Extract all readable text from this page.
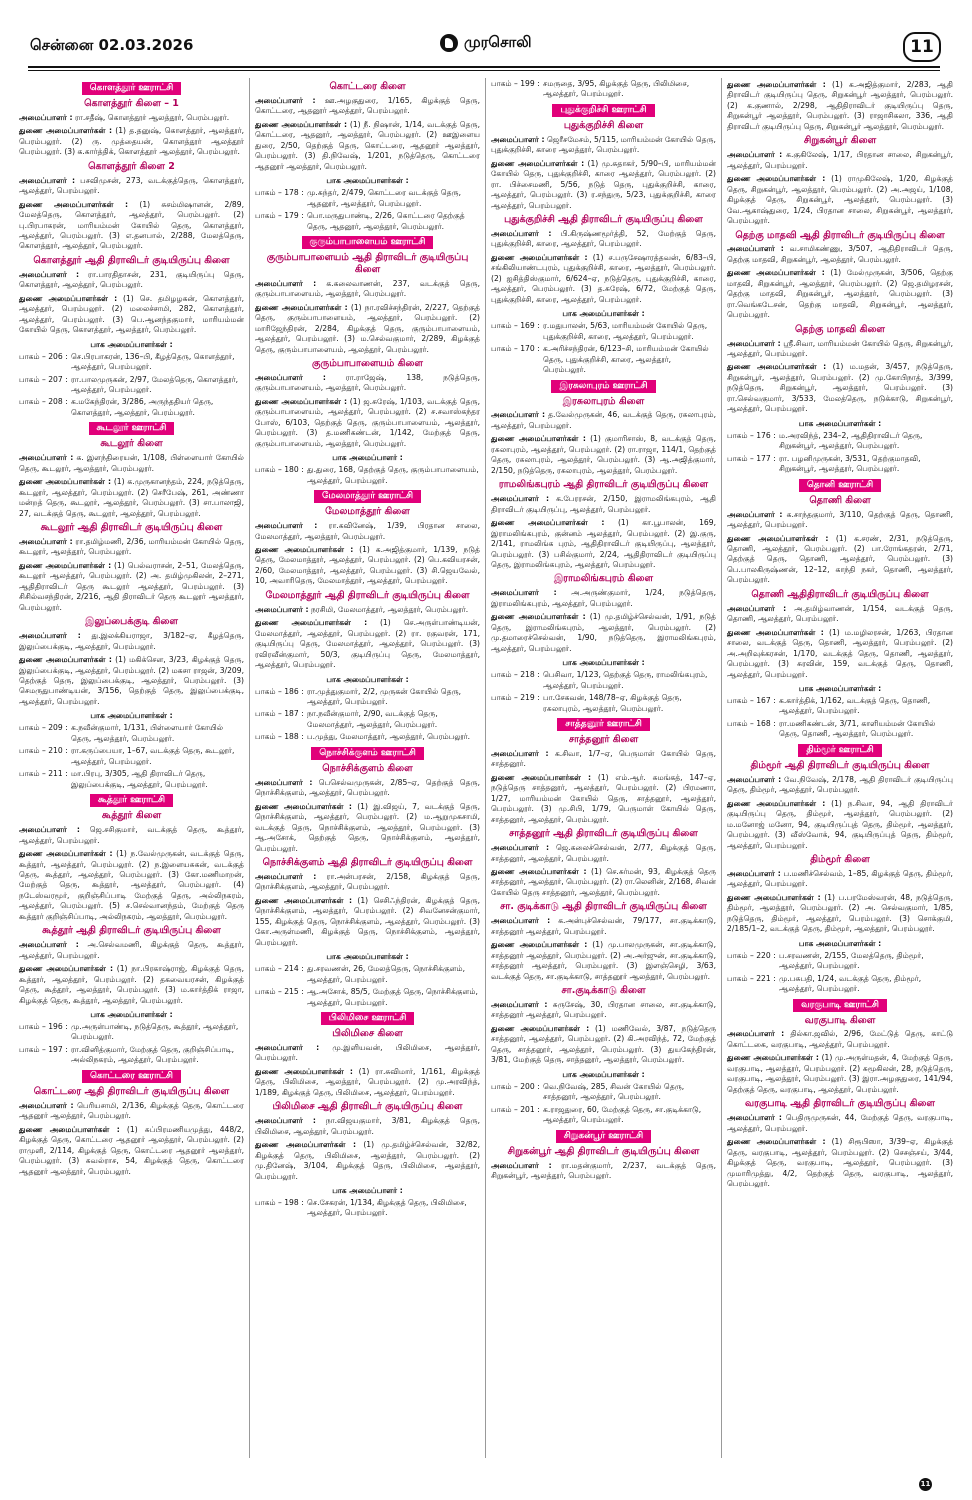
சென்னை 02.03.2026	முரசொலி	11
கொளத்தூர் ஊராட்சி
கொளத்தூர் கிளை – 1
அமைப்பாளர் : ரா.சதீஷ், கொளத்தூர் ஆலத்தூர், பெரம்பலூர்.
துணை அமைப்பாளர்கள் : (1) த.தனுஷ், கொளத்தூர், ஆலத்தூர், பெரம்பலூர். (2) ரு. முத்தையன், கொளத்தூர் ஆலத்தூர் பெரம்பலூர். (3) க.கார்த்திக், கொளத்தூர் ஆலத்தூர், பெரம்பலூர்.
கொளத்தூர் கிளை 2
அமைப்பாளர் : பசவிமுசன், 273, வடக்குத்தெரு, கொளத்தூர், ஆலத்தூர், பெரம்பலூர்.
துணை அமைப்பாளர்கள் : (1) சுசம்மிஷாளன், 2/89, மேலத்தெரு, கொளத்தூர், ஆலத்தூர், பெரம்பலூர். (2) பு.பிரபாகரன், மாரியம்மன் கோயில் தெரு, கொளத்தூர், ஆலத்தூர், பெரம்பலூர். (3) எ.தனபால், 2/288, மேலத்தெரு, கொளத்தூர், ஆலத்தூர், பெரம்பலூர்.
கொளத்தூர் ஆதி திராவிடர் குடியிருப்பு கிளை
அமைப்பாளர் : ரா.பாரதிதாசன், 231, குடியிருப்பு தெரு, கொளத்தூர், ஆலத்தூர், பெரம்பலூர்.
துணை அமைப்பாளர்கள் : (1) செ. தமிழழகன், கொளத்தூர், ஆலத்தூர், பெரம்பலூர். (2) மலைச்சாமி, 282, கொளத்தூர், ஆலத்தூர், பெரம்பலூர். (3) பெ.ஆனந்தகுமார், மாரியம்மன் கோயில் தெரு, கொளத்தூர், ஆலத்தூர், பெரம்பலூர்.
பாக அமைப்பாளர்கள் :
பாகம் – 206 : செ.பிரபாகரன், 136–பி, கீழத்தெரு, கொளத்தூர், ஆலத்தூர், பெரம்பலூர்.
பாகம் – 207 : ரா.பாலமுருகன், 2/97, மேலத்தெரு, கொளத்தூர், ஆலத்தூர், பெரம்பலூர்.
பாகம் – 208 : க.மகேந்திரன், 3/286, அருந்ததியர் தெரு, கொளத்தூர், ஆலத்தூர், பெரம்பலூர்.
கூடலூர் ஊராட்சி
கூடலூர் கிளை
அமைப்பாளர் : க. இளந்திரையன், 1/108, பிள்ளையார் கோயில் தெரு, கூடலூர், ஆலத்தூர், பெரம்பலூர்.
துணை அமைப்பாளர்கள் : (1) க.முருகானந்தம், 224, நடுத்தெரு, கூடலூர், ஆலத்தூர், பெரம்பலூர். (2) செரீபேஷ், 261, அண்ணா மன்றத் தெரு, கூடலூர், ஆலத்தூர், பெரம்பலூர். (3) சா.பாலாஜி, 27, வடக்குத் தெரு, கூடலூர், ஆலத்தூர், பெரம்பலூர்.
கூடலூர் ஆதி திராவிடர் குடியிருப்பு கிளை
அமைப்பாளர் : ரா.தமிழ்மணி, 2/36, மாரியம்மன் கோயில் தெரு, கூடலூர், ஆலத்தூர், பெரம்பலூர்.
துணை அமைப்பாளர்கள் : (1) பெல்வராசன், 2–51, மேலத்தெரு, கூடலூர் ஆலத்தூர், பெரம்பலூர். (2) அ. தமிழ்முகிலன், 2–271, ஆதிதிராவிடர் தெரு கூடலூர் ஆலத்தூர், பெரம்பலூர். (3) சிசில்வசந்திரன், 2/216, ஆதி திராவிடர் தெரு கூடலூர் ஆலத்தூர், பெரம்பலூர்.
இலுப்பைக்குடி கிளை
அமைப்பாளர் : து.இலக்கியராஜா, 3/182–ஏ, கீழத்தெரு, இலுப்பைக்குடி, ஆலத்தூர், பெரம்பலூர்.
துணை அமைப்பாளர்கள் : (1) மகிக்சௌ, 3/23, கிழக்குத் தெரு, இலுப்பைக்குடி, ஆலத்தூர், பெரம்பலூர். (2) மகசா ராஜன், 3/209, தெற்குத் தெரு, இலுப்பைக்குடி, ஆலத்தூர், பெரம்பலூர். (3) செமருதுபாண்டியன், 3/156, தெற்குத் தெரு, இலுப்பைக்குடி, ஆலத்தூர், பெரம்பலூர்.
பாக அமைப்பாளர்கள் :
பாகம் – 209 : க.நவீன்குமார், 1/131, பிள்ளையார் கோயில் தெரு, ஆலத்தூர், பெரம்பலூர்.
பாகம் – 210 : ரா.கருப்பையா, 1–67, வடக்குத் தெரு, கூடலூர், ஆலத்தூர், பெரம்பலூர்.
பாகம் – 211 : மா.பிரபு, 3/305, ஆதி திராவிடர் தெரு, இலுப்பைக்குடி, ஆலத்தூர், பெரம்பலூர்.
கூத்தூர் ஊராட்சி
கூத்தூர் கிளை
அமைப்பாளர் : ஜெ.சசிகுமார், வடக்குத் தெரு, கூத்தூர், ஆலத்தூர், பெரம்பலூர்.
துணை அமைப்பாளர்கள் : (1) ந.வேல்முருகன், வடக்குத் தெரு, கூத்தூர், ஆலத்தூர், பெரம்பலூர். (2) ந.இளையசுகன், வடக்குத் தெரு, கூத்தூர், ஆலத்தூர், பெரம்பலூர். (3) கோ.மணிமாறன், மேற்குத் தெரு, கூத்தூர், ஆலத்தூர், பெரம்பலூர். (4) நடேஸ்வரமூர், குறிஞ்சிப்பாடி மேற்குத் தெரு, அல்லிநகரம், ஆலத்தூர், பெரம்பலூர். (5) ச.செல்வானந்தம், மேற்குத் தெரு கூத்தூர் குறிஞ்சிப்பாடி, அல்லிநகரம், ஆலத்தூர், பெரம்பலூர்.
கூத்தூர் ஆதி திராவிடர் குடியிருப்பு கிளை
அமைப்பாளர் : அ.செல்வமணி, கிழக்குத் தெரு, கூத்தூர், ஆலத்தூர், பெரம்பலூர்.
துணை அமைப்பாளர்கள் : (1) நா.பிரகாஷ்ராஜ், கிழக்குத் தெரு, கூத்தூர், ஆலத்தூர், பெரம்பலூர். (2) தகவையரசன், கிழக்குத் தெரு, கூத்தூர், ஆலத்தூர், பெரம்பலூர். (3) ம.கார்த்திக் ராஜா, கிழக்குத் தெரு, கூத்தூர், ஆலத்தூர், பெரம்பலூர்.
பாக அமைப்பாளர்கள் :
பாகம் – 196 : மு.அருள்பாண்டி, நடுத்தெரு, கூத்தூர், ஆலத்தூர், பெரம்பலூர்.
பாகம் – 197 : ரா.வினித்குமார், மேற்குத் தெரு, குறிஞ்சிப்பாடி, அல்லிநகரம், ஆலத்தூர், பெரம்பலூர்.
கொட்டரை ஊராட்சி
கொட்டரை ஆதி திராவிடர் குடியிருப்பு கிளை
அமைப்பாளர் : பெரியசாமி, 2/136, கிழக்குத் தெரு, கொட்டரை ஆதனூர் ஆலத்தூர், பெரம்பலூர்.
துணை அமைப்பாளர்கள் : (1) சுப்பிரமணியமுத்து, 448/2, கிழக்குத் தெரு, கொட்டரை ஆதனூர் ஆலத்தூர், பெரம்பலூர். (2) ராமுளி, 2/114, கிழக்குத் தெரு, கொட்டரை ஆதனூர் ஆலத்தூர், பெரம்பலூர். (3) சுவல்ராச, 54, கிழக்குத் தெரு, கொட்டரை ஆதனூர் ஆலத்தூர், பெரம்பலூர்.
கொட்டரை கிளை
அமைப்பாளர் : ஊ.அழகுதுரை, 1/165, கிழக்குத் தெரு, கொட்டரை, ஆதனூர் ஆலத்தூர், பெரம்பலூர்.
துணை அமைப்பாளர்கள் : (1) நீ. நிஷான், 1/14, வடக்குத் தெரு, கொட்டரை, ஆதனூர், ஆலத்தூர், பெரம்பலூர். (2) ஊஇளைய துரை, 2/50, தெற்குத் தெரு, கொட்டரை, ஆதனூர் ஆலத்தூர், பெரம்பலூர். (3) தி.நிவேஷ், 1/201, நடுத்தெரு, கொட்டரை ஆதனூர் ஆலத்தூர், பெரம்பலூர்.
பாக அமைப்பாளர்கள் :
பாகம் – 178 : மு.சுந்தர், 2/479, கொட்டரை வடக்குத் தெரு, ஆதனூர், ஆலத்தூர், பெரம்பலூர்.
பாகம் – 179 : பொ.மருதுபாண்டி, 2/26, கொட்டரை தெற்குத் தெரு, ஆதனூர், ஆலத்தூர், பெரம்பலூர்.
குரும்பாபாளையம் ஊராட்சி
குரும்பாபாளையம் ஆதி திராவிடர் குடியிருப்பு கிளை
அமைப்பாளர் : க.கலைவாணன், 237, வடக்குத் தெரு, குரும்பாபாளையம், ஆலத்தூர், பெரம்பலூர்.
துணை அமைப்பாளர்கள் : (1) நா.ரவிச்சந்திரன், 2/227, தெற்குத் தெரு, குரும்பாபாளையம், ஆலத்தூர், பெரம்பலூர். (2) மாரிஜேந்திரன், 2/284, கிழக்குத் தெரு, குரும்பாபாளையம், ஆலத்தூர், பெரம்பலூர். (3) ம.செல்வகுமார், 2/289, கிழக்குத் தெரு, குரும்பாபாளையம், ஆலத்தூர், பெரம்பலூர்.
குரும்பாபாளையம் கிளை
அமைப்பாளர் :	ரா.ராஜேஷ், 138, நடுத்தெரு, குரும்பாபாளையம், ஆலத்தூர், பெரம்பலூர்.
துணை அமைப்பாளர்கள் : (1) ஜ.சுரேஷ், 1/103, வடக்குத் தெரு, குரும்பாபாளையம், ஆலத்தூர், பெரம்பலூர். (2) ச.சவாஸ்கந்தர போஸ், 6/103, தெற்குத் தெரு, குரும்பாபாளையம், ஆலத்தூர், பெரம்பலூர். (3) த.மணிகண்டன், 1/142, மேற்குத் தெரு, குரும்பாபாளையம், ஆலத்தூர், பெரம்பலூர்.
பாக அமைப்பாளர் :
பாகம் – 180 : து.துரை, 168, தெற்குத் தெரு, குரும்பாபாளையம், ஆலத்தூர், பெரம்பலூர்.
மேலமாத்தூர் ஊராட்சி
மேலமாத்தூர் கிளை
அமைப்பாளர் : ரா.கவினேஷ், 1/39, பிரதான சாலை, மேலமாத்தூர், ஆலத்தூர், பெரம்பலூர்.
துணை அமைப்பாளர்கள் : (1) க.அஜித்குமார், 1/139, நடுத் தெரு, மேலமாத்தூர், ஆலத்தூர், பெரம்பலூர். (2) பெ.கவியரசன், 2/60, மேலமாத்தூர், ஆலத்தூர், பெரம்பலூர். (3) சி.ஜெயவேல், 10, அவாரிதெரு, மேலமாத்தூர், ஆலத்தூர், பெரம்பலூர்.
மேலமாத்தூர் ஆதி திராவிடர் குடியிருப்பு கிளை
அமைப்பாளர் : நரசிமி, மேலமாத்தூர், ஆலத்தூர், பெரம்பலூர்.
துணை அமைப்பாளர்கள் : (1) செ.அருள்பாண்டியன், மேலமாத்தூர், ஆலத்தூர், பெரம்பலூர். (2) ரா. ரகுவரன், 171, குடியிருப்பு தெரு, மேலமாத்தூர், ஆலத்தூர், பெரம்பலூர். (3) ரவிரவீன்குமார், 50/3, குடியிருப்பு தெரு, மேலமாத்தூர், ஆலத்தூர், பெரம்பலூர்.
பாக அமைப்பாளர்கள் :
பாகம் – 186 : ரா.முத்துகுமார், 2/2, முருகன் கோயில் தெரு, ஆலத்தூர், பெரம்பலூர்.
பாகம் – 187 : நா.நவீன்குமார், 2/90, வடக்குத் தெரு, மேலமாத்தூர், ஆலத்தூர், பெரம்பலூர்.
பாகம் – 188 : ப.முத்து, மேலமாத்தூர், ஆலத்தூர், பெரம்பலூர்.
நொச்சிக்குளம் ஊராட்சி
நொச்சிக்குளம் கிளை
அமைப்பாளர் : பெசெல்வமுருகன், 2/85–ஏ, தெற்குத் தெரு, நொச்சிக்குளம், ஆலத்தூர், பெரம்பலூர்.
துணை அமைப்பாளர்கள் : (1) இ.விஜய், 7, வடக்குத் தெரு, நொச்சிக்குளம், ஆலத்தூர், பெரம்பலூர். (2) ம.ஆறுமுகசாமி, வடக்குத் தெரு, நொச்சிக்குளம், ஆலத்தூர், பெரம்பலூர். (3) ஆ.அசோக், தெற்குத் தெரு, நொச்சிக்குளம், ஆலத்தூர், பெரம்பலூர்.
நொச்சிக்குளம் ஆதி திராவிடர் குடியிருப்பு கிளை
அமைப்பாளர் : ரா.அன்பரசன், 2/158, கிழக்குத் தெரு, நொச்சிக்குளம், ஆலத்தூர், பெரம்பலூர்.
துணை அமைப்பாளர்கள் : (1) செசிஃந்திரன், கிழக்குத் தெரு, நொச்சிக்குளம், ஆலத்தூர், பெரம்பலூர். (2) சிவனேசன்குமார், 155, கிழக்குத் தெரு, நொச்சிக்குளம், ஆலத்தூர், பெரம்பலூர். (3) கோ.அருள்மணி, கிழக்குத் தெரு, நொச்சிக்குளம், ஆலத்தூர், பெரம்பலூர்.
பாக அமைப்பாளர்கள் :
பாகம் – 214 : து.சரவணன், 26, மேலத்தெரு, நொச்சிக்குளம், ஆலத்தூர், பெரம்பலூர்.
பாகம் – 215 : ஆ.அசோக், 85/5, மேற்குத் தெரு, நொச்சிக்குளம், ஆலத்தூர், பெரம்பலூர்.
பிலிமிசை ஊராட்சி
பிலிமிசை கிளை
அமைப்பாளர் : மு.இளியவன், பிலிமிசை, ஆலத்தூர், பெரம்பலூர்.
துணை அமைப்பாளர்கள் : (1) ரா.சுவிமார், 1/161, கிழக்குத் தெரு, பிலிமிசை, ஆலத்தூர், பெரம்பலூர். (2) மு.அரவிந்த், 1/189, கிழக்குத் தெரு, பிலிமிசை, ஆலத்தூர், பெரம்பலூர்.
பிலிமிசை ஆதி திராவிடர் குடியிருப்பு கிளை
அமைப்பாளர் : நா.விஜயகுமார், 3/81, கிழக்குத் தெரு, பிலிமிசை, ஆலத்தூர், பெரம்பலூர்.
துணை அமைப்பாளர்கள் : (1) மு.தமிழ்ச்செல்வன், 32/82, கிழக்குத் தெரு, பிலிமிசை, ஆலத்தூர், பெரம்பலூர். (2) மு.தினேஷ், 3/104, கிழக்குத் தெரு, பிலிமிசை, ஆலத்தூர், பெரம்பலூர்.
பாக அமைப்பாளர் :
பாகம் – 198 : செ.சேகரன், 1/134, கிழக்குத் தெரு, பிலிமிசை, ஆலத்தூர், பெரம்பலூர்.
பாகம் – 199 : சமருதை, 3/95, கிழக்குத் தெரு, பிலிமிசை, ஆலத்தூர், பெரம்பலூர்.
புதுக்குறிச்சி ஊராட்சி
புதுக்குறிச்சி கிளை
அமைப்பாளர் : ஜெரீசமேசம், 5/115, மாரியம்மன் கோயில் தெரு, புதுக்குறிச்சி, காரை ஆலத்தூர், பெரம்பலூர்.
துணை அமைப்பாளர்கள் : (1) மு.சுதாகர், 5/90–பி, மாரியம்மன் கோயில் தெரு, புதுக்குறிச்சி, காரை ஆலத்தூர், பெரம்பலூர். (2) ரா. பிச்சைமணி, 5/56, நடுத் தெரு, புதுக்குறிச்சி, காரை, ஆலத்தூர், பெரம்பலூர். (3) ர.சந்துரு, 5/23, புதுக்குறிச்சி, காரை ஆலத்தூர், பெரம்பலூர்.
புதுக்குறிச்சி ஆதி திராவிடர் குடியிருப்பு கிளை
அமைப்பாளர் : பி.கிருஷ்ணமூர்த்தி, 52, மேற்குத் தெரு, புதுக்குறிச்சி, காரை, ஆலத்தூர், பெரம்பலூர்.
துணை அமைப்பாளர்கள் : (1) ச.பருசேஷாரத்தவன், 6/83–பி, சங்கிலியாண்டபுரம், புதுக்குறிச்சி, காரை, ஆலத்தூர், பெரம்பலூர். (2) ஐசித்திஸ்குமார், 6/624–ஏ, நடுத்தெரு, புதுக்குறிச்சி, காரை, ஆலத்தூர், பெரம்பலூர். (3) த.சுரேஷ், 6/72, மேற்குத் தெரு, புதுக்குறிச்சி, காரை, ஆலத்தூர், பெரம்பலூர்.
பாக அமைப்பாளர்கள் :
பாகம் – 169 : ர.மதுபாலன், 5/63, மாரியம்மன் கோயில் தெரு, புதுக்குறிச்சி, காரை, ஆலத்தூர், பெரம்பலூர்.
பாகம் – 170 : க.அரிச்சந்திரன், 6/123–சி, மாரியம்மன் கோயில் தெரு, புதுக்குறிச்சி, காரை, ஆலத்தூர், பெரம்பலூர்.
இரசுலாபுரம் ஊராட்சி
இரசுலாபுரம் கிளை
அமைப்பாளர் : த.வேல்முருகன், 46, வடக்குத் தெரு, ரசுலாபுரம், ஆலத்தூர், பெரம்பலூர்.
துணை அமைப்பாளர்கள் : (1) குமாரிசாஸ், 8, வடக்குத் தெரு, ரசுலாபுரம், ஆலத்தூர், பெரம்பலூர். (2) ரா.ராஜா, 114/1, தெற்குத் தெரு, ரசுலாபுரம், ஆலத்தூர், பெரம்பலூர். (3) ஆ.அஜித்குமார், 2/150, நடுத்தெரு, ரசுலாபுரம், ஆலத்தூர், பெரம்பலூர்.
ராமலிங்கபுரம் ஆதி திராவிடர் குடியிருப்பு கிளை
அமைப்பாளர் : க.பேரரசன், 2/150, இராமலிங்கபுரம், ஆதி திராவிடர் குடியிருப்பு, ஆலத்தூர், பெரம்பலூர்.
துணை அமைப்பாளர்கள் : (1) கா.பூபாலன், 169, இராமலிங்கபுரம், குன்னம் ஆலத்தூர், பெரம்பலூர். (2) இ.குரு, 2/141, ராமலிங்க புரம், ஆதிதிராவிடர் குடியிருப்பு, ஆலத்தூர், பெரம்பலூர். (3) பசில்குமார், 2/24, ஆதிதிராவிடர் குடியிருப்பு தெரு, இராமலிங்கபுரம், ஆலத்தூர், பெரம்பலூர்.
இராமலிங்கபுரம் கிளை
அமைப்பாளர் : அ.அருண்குமார், 1/24, நடுத்தெரு, இராமலிங்கபுரம், ஆலத்தூர், பெரம்பலூர்.
துணை அமைப்பாளர்கள் : (1) மு.தமிழ்ச்செல்வன், 1/91, நடுத் தெரு, இராமலிங்கபுரம், ஆலத்தூர், பெரம்பலூர். (2) மு.தமாரைச்செல்வன், 1/90, நடுத்தெரு, இராமலிங்கபுரம், ஆலத்தூர், பெரம்பலூர்.
பாக அமைப்பாளர்கள் :
பாகம் – 218 : பெசிவா, 1/123, தெற்குத் தெரு, ராமலிங்கபுரம், ஆலத்தூர், பெரம்பலூர்.
பாகம் – 219 : பா.சேகவன், 148/78–ஏ, கிழக்குத் தெரு, ரசுலாபுரம், ஆலத்தூர், பெரம்பலூர்.
சாத்தனூர் ஊராட்சி
சாத்தனூர் கிளை
அமைப்பாளர் : க.சிவா, 1/7–ஏ, பெருமாள் கோயில் தெரு, சாத்தனூர்.
துணை அமைப்பாளர்கள் : (1) எம்.ஆர். சுமங்கத், 147–ஏ, நடுத்தெரு சாத்தனூர், ஆலத்தூர், பெரம்பலூர். (2) பிரமணா, 1/27, மாரியம்மன் கோயில் தெரு, சாத்தனூர், ஆலத்தூர், பெரம்பலூர். (3) மு.சிபி, 1/79, பெருமாள் கோயில் தெரு, சாத்தனூர், ஆலத்தூர், பெரம்பலூர்.
சாத்தனூர் ஆதி திராவிடர் குடியிருப்பு கிளை
அமைப்பாளர் : ஜெ.கலைச்செல்வன், 2/77, கிழக்குத் தெரு, சாத்தனூர், ஆலத்தூர், பெரம்பலூர்.
துணை அமைப்பாளர்கள் : (1) செ.சுர்மன், 93, கிழக்குத் தெரு சாத்தனூர், ஆலத்தூர், பெரம்பலூர். (2) ரா.லெனின், 2/168, சிவன் கோயில் தெரு சாத்தனூர், ஆலத்தூர், பெரம்பலூர்.
சா. குடிக்காடு ஆதி திராவிடர் குடியிருப்பு கிளை
அமைப்பாளர் : க.அன்புச்செல்வன், 79/177, சா.குடிக்காடு, சாத்தனூர் ஆலத்தூர், பெரம்பலூர்.
துணை அமைப்பாளர்கள் : (1) மு.பாலமுருகன், சா.குடிக்காடு, சாத்தனூர் ஆலத்தூர், பெரம்பலூர். (2) அ.அர்ஜுன், சா.குடிக்காடு, சாத்தனூர் ஆலத்தூர், பெரம்பலூர். (3) இளஞ்செழி, 3/63, வடக்குத் தெரு, சா.குடிக்காடு, சாத்தனூர் ஆலத்தூர், பெரம்பலூர்.
சா.குடிக்காடு கிளை
அமைப்பாளர் : சுருசேஷ், 30, பிரதான சாலை, சா.குடிக்காடு, சாத்தனூர் ஆலத்தூர், பெரம்பலூர்.
துணை அமைப்பாளர்கள் : (1) மணிவேல், 3/87, நடுத்தெரு சாத்தனூர், ஆலத்தூர், பெரம்பலூர். (2) கி.அரவிந்த், 72, மேற்குத் தெரு, சாத்தனூர், ஆலத்தூர், பெரம்பலூர். (3) துயகேந்திரன், 3/81, மேற்குத் தெரு, சாத்தனூர், ஆலத்தூர், பெரம்பலூர்.
பாக அமைப்பாளர்கள் :
பாகம் – 200 : வெ.நிவேஷ், 285, சிவன் கோயில் தெரு, சாத்தனூர், ஆலத்தூர், பெரம்பலூர்.
பாகம் – 201 : க.ராஜதுரை, 60, மேற்குத் தெரு, சா.குடிக்காடு, ஆலத்தூர், பெரம்பலூர்.
சிறுகன்பூர் ஊராட்சி
சிறுகன்பூர் ஆதி திராவிடர் குடியிருப்பு கிளை
அமைப்பாளர் : ரா.மதன்குமார், 2/237, வடக்குத் தெரு, சிறுகன்பூர், ஆலத்தூர், பெரம்பலூர்.
துணை அமைப்பாளர்கள் : (1) க.அஜித்குமார், 2/283, ஆதி திராவிடர் குடியிருப்பு தெரு, சிறுகன்பூர் ஆலத்தூர், பெரம்பலூர். (2) க.குணால், 2/298, ஆதிதிராவிடர் குடியிருப்பு தெரு, சிறுகன்பூர் ஆலத்தூர், பெரம்பலூர். (3) ராஜாசிகலா, 336, ஆதி திராவிடர் குடியிருப்பு தெரு, சிறுகன்பூர் ஆலத்தூர், பெரம்பலூர்.
சிறுகன்பூர் கிளை
அமைப்பாளர் : க.குகிலேஷ், 1/17, பிரதான சாலை, சிறுகன்பூர், ஆலத்தூர், பெரம்பலூர்.
துணை அமைப்பாளர்கள் : (1) ராமுகிலேஷ், 1/20, கிழக்குத் தெரு, சிறுகன்பூர், ஆலத்தூர், பெரம்பலூர். (2) அ.அஜய், 1/108, கிழக்குத் தெரு, சிறுகன்பூர், ஆலத்தூர், பெரம்பலூர். (3) வே.ஆகாஷ்துரை, 1/24, பிரதான சாலை, சிறுகன்பூர், ஆலத்தூர், பெரம்பலூர்.
தெற்கு மாதவி ஆதி திராவிடர் குடியிருப்பு கிளை
அமைப்பாளர் : வ.சாமிகண்ணு, 3/507, ஆதிதிராவிடர் தெரு, தெற்கு மாதவி, சிறுகன்பூர், ஆலத்தூர், பெரம்பலூர்.
துணை அமைப்பாளர்கள் : (1) மேல்முருகன், 3/506, தெற்கு மாதவி, சிறுகன்பூர், ஆலத்தூர், பெரம்பலூர். (2) ஜெ.தமிழரசன், தெற்கு மாதவி, சிறுகன்பூர், ஆலத்தூர், பெரம்பலூர். (3) ரா.வெங்கடேசன், தெற்கு மாதவி, சிறுகன்பூர், ஆலத்தூர், பெரம்பலூர்.
தெற்கு மாதவி கிளை
அமைப்பாளர் : ஸ்ரீ.சிவா, மாரியம்மன் கோயில் தெரு, சிறுகன்பூர், ஆலத்தூர், பெரம்பலூர்.
துணை அமைப்பாளர்கள் : (1) ம.மதன், 3/457, நடுத்தெரு, சிறுகன்பூர், ஆலத்தூர், பெரம்பலூர். (2) மு.கோபிநாத், 3/399, நடுத்தெரு, சிறுகன்பூர், ஆலத்தூர், பெரம்பலூர். (3) ரா.செல்வகுமார், 3/533, மேலத்தெரு, நடுக்காடு, சிறுகன்பூர், ஆலத்தூர், பெரம்பலூர்.
பாக அமைப்பாளர்கள் :
பாகம் – 176 : ம.அரவிந்த், 234–2, ஆதிதிராவிடர் தெரு, சிறுகன்பூர், ஆலத்தூர், பெரம்பலூர்.
பாகம் – 177 : ரா. பழனிமுருகன், 3/531, தெற்குமாதவி, சிறுகன்பூர், ஆலத்தூர், பெரம்பலூர்.
தொனி ஊராட்சி
தொணி கிளை
அமைப்பாளர் : க.சாந்தகுமார், 3/110, தெற்குத் தெரு, தொணி, ஆலத்தூர், பெரம்பலூர்.
துணை அமைப்பாளர்கள் : (1) க.சரண், 2/31, நடுத்தெரு, தொணி, ஆலத்தூர், பெரம்பலூர். (2) பா.ரோங்கதரன், 2/71, தெற்குத் தெரு, தொணி, ஆலத்தூர், பெரம்பலூர். (3) பெ.பாலகிருஷ்ணன், 12–12, காந்தி நகர், தொணி, ஆலத்தூர், பெரம்பலூர்.
தொணி ஆதிதிராவிடர் குடியிருப்பு கிளை
அமைப்பாளர் : அ.தமிழ்வாணன், 1/154, வடக்குத் தெரு, தொணி, ஆலத்தூர், பெரம்பலூர்.
துணை அமைப்பாளர்கள் : (1) ம.மழிலரசன், 1/263, பிரதான சாலை, வடக்குத் தெரு, தொணி, ஆலத்தூர், பெரம்பலூர். (2) அ.அறிவுக்கரசன், 1/170, வடக்குத் தெரு, தொணி, ஆலத்தூர், பெரம்பலூர். (3) சுரவின், 159, வடக்குத் தெரு, தொணி, ஆலத்தூர், பெரம்பலூர்.
பாக அமைப்பாளர்கள் :
பாகம் – 167 : க.கார்த்திக், 1/162, வடக்குத் தெரு, தொணி, ஆலத்தூர், பெரம்பலூர்.
பாகம் – 168 : ரா.மணிகண்டன், 3/71, காளியம்மன் கோயில் தெரு, தொணி, ஆலத்தூர், பெரம்பலூர்.
திம்மூர் ஊராட்சி
திம்மூர் ஆதி திராவிடர் குடியிருப்பு கிளை
அமைப்பாளர் : வே.நிவேஷ், 2/178, ஆதி திராவிடர் குடியிருப்பு தெரு, திம்மூர், ஆலத்தூர், பெரம்பலூர்.
துணை அமைப்பாளர்கள் : (1) ந.சிவா, 94, ஆதி திராவிடர் குடியிருப்பு தெரு, திம்மூர், ஆலத்தூர், பெரம்பலூர். (2) ம.மனோஜ் மனோ, 94, குடியிருப்புத் தெரு, திம்மூர், ஆலத்தூர், பெரம்பலூர். (3) வீஸ்வோக், 94, குடியிருப்புத் தெரு, திம்மூர், ஆலத்தூர், பெரம்பலூர்.
திம்மூர் கிளை
அமைப்பாளர் : ப.மணிச்செல்வம், 1–85, கிழக்குத் தெரு, திம்மூர், ஆலத்தூர், பெரம்பலூர்.
துணை அமைப்பாளர்கள் : (1) ப.பரமேஸ்வரன், 48, நடுத்தெரு, திம்மூர், ஆலத்தூர், பெரம்பலூர். (2) அ. செல்வகுமார், 1/85, நடுத்தெரு, திம்மூர், ஆலத்தூர், பெரம்பலூர். (3) சொக்குமி, 2/185/1–2, வடக்குத் தெரு, திம்மூர், ஆலத்தூர், பெரம்பலூர்.
பாக அமைப்பாளர்கள் :
பாகம் – 220 : ப.சரவணன், 2/155, மேலத்தெரு, திம்மூர், ஆலத்தூர், பெரம்பலூர்.
பாகம் – 221 : மு.பசுபதி, 1/24, வடக்குத் தெரு, திம்மூர், ஆலத்தூர், பெரம்பலூர்.
வரகுபாடி ஊராட்சி
வரகுபாடி கிளை
அமைப்பாளர் : தில்கா.ஜவில், 2/96, மேட்டுத் தெரு, காட்டு கொட்டகை, வரகுபாடி, ஆலத்தூர், பெரம்பலூர்.
துணை அமைப்பாளர்கள் : (1) மு.அருள்மதன், 4, மேற்குத் தெரு, வரகுபாடி, ஆலத்தூர், பெரம்பலூர். (2) சுமூகிலன், 28, நடுத்தெரு, வரகுபாடி, ஆலத்தூர், பெரம்பலூர். (3) இரா.அழகுதுரை, 141/94, தெற்குத் தெரு, வரகுபாடி, ஆலத்தூர், பெரம்பலூர்.
வரகுபாடி ஆதி திராவிடர் குடியிருப்பு கிளை
அமைப்பாளர் : பெதிருமுருகன், 44, மேற்குத் தெரு, வரகுபாடி, ஆலத்தூர், பெரம்பலூர்.
துணை அமைப்பாளர்கள் : (1) சிரூபிஸா, 3/39–ஏ, கிழக்குத் தெரு, வரகுபாடி, ஆலத்தூர், பெரம்பலூர். (2) செசஞ்சய், 3/44, கிழக்குத் தெரு, வரகுபாடி, ஆலத்தூர், பெரம்பலூர். (3) முமாரிமுத்து, 4/2, தெற்குத் தெரு, வரகுபாடி, ஆலத்தூர், பெரம்பலூர்.
11
